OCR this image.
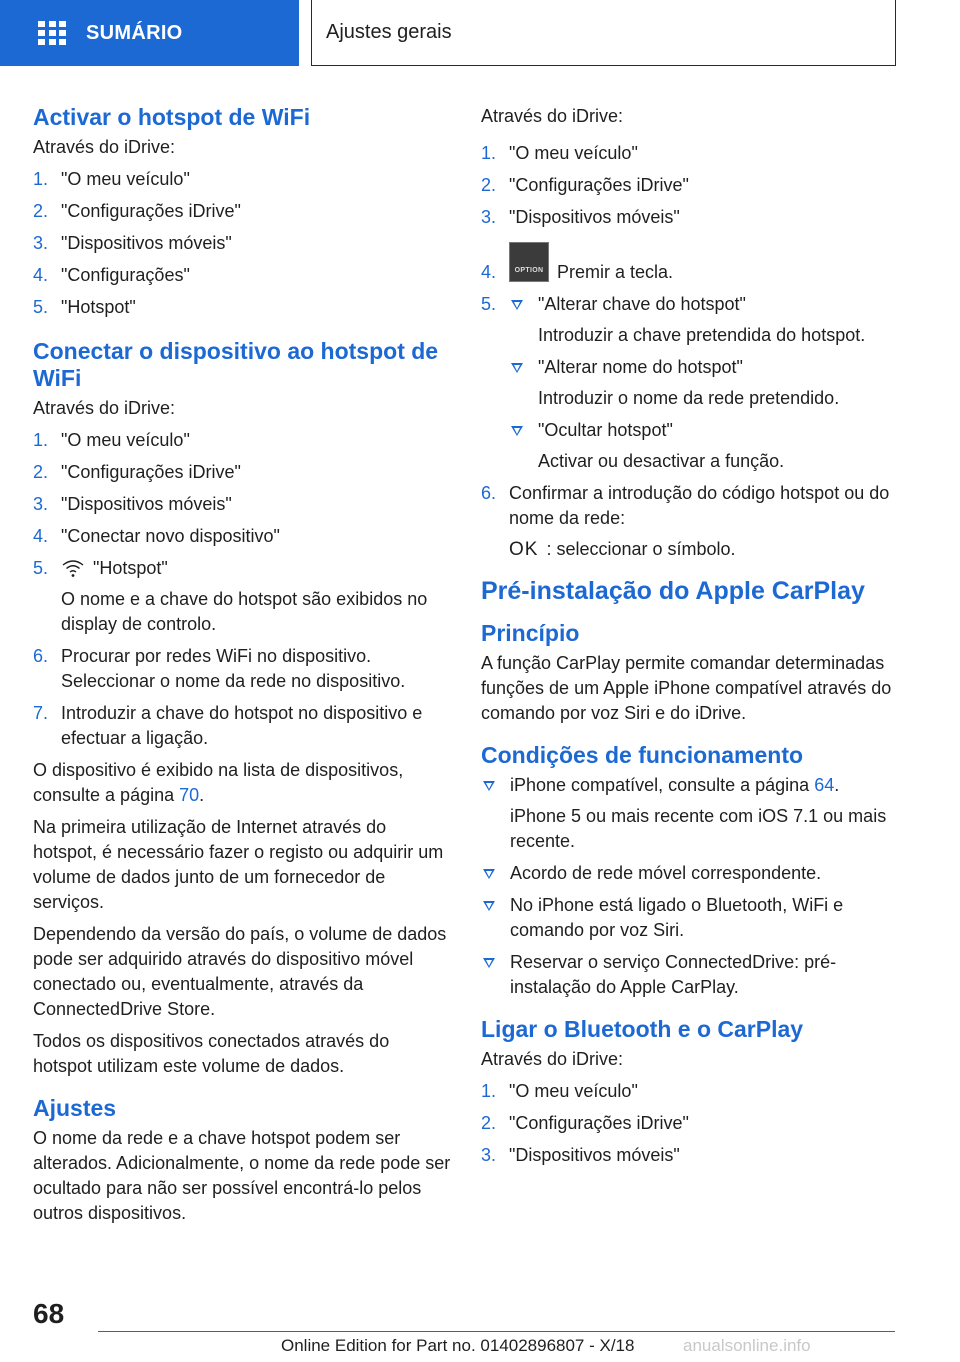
SUMÁRIO	Ajustes gerais
Activar o hotspot de WiFi

Através do iDrive:

1. "O meu veículo"
2. "Configurações iDrive"
3. "Dispositivos móveis"
4. "Configurações"
5. "Hotspot"
Conectar o dispositivo ao hotspot de WiFi

Através do iDrive:

1. "O meu veículo"
2. "Configurações iDrive"
3. "Dispositivos móveis"
4. "Conectar novo dispositivo"
5. "Hotspot"
O nome e a chave do hotspot são exibidos no display de controlo.
6. Procurar por redes WiFi no dispositivo. Seleccionar o nome da rede no dispositivo.
7. Introduzir a chave do hotspot no dispositivo e efectuar a ligação.

O dispositivo é exibido na lista de dispositivos, consulte a página 70.

Na primeira utilização de Internet através do hotspot, é necessário fazer o registo ou adquirir um volume de dados junto de um fornecedor de serviços.

Dependendo da versão do país, o volume de dados pode ser adquirido através do dispositivo móvel conectado ou, eventualmente, através da ConnectedDrive Store.

Todos os dispositivos conectados através do hotspot utilizam este volume de dados.

Ajustes

O nome da rede e a chave hotspot podem ser alterados. Adicionalmente, o nome da rede pode ser ocultado para não ser possível encontrá-lo pelos outros dispositivos.

Através do iDrive:

1. "O meu veículo"
2. "Configurações iDrive"
3. "Dispositivos móveis"
4.	OPTION Premir a tecla.
5.	"Alterar chave do hotspot"
Introduzir a chave pretendida do hotspot.
"Alterar nome do hotspot"
Introduzir o nome da rede pretendido.
"Ocultar hotspot"
Activar ou desactivar a função.
6. Confirmar a introdução do código hotspot ou do nome da rede:
OK : seleccionar o símbolo.
Pré-instalação do Apple CarPlay
Princípio

A função CarPlay permite comandar determinadas funções de um Apple iPhone compatível através do comando por voz Siri e do iDrive.

Condições de funcionamento
iPhone compatível, consulte a página 64.
iPhone 5 ou mais recente com iOS 7.1 ou mais recente.
Acordo de rede móvel correspondente.
No iPhone está ligado o Bluetooth, WiFi e comando por voz Siri.
Reservar o serviço ConnectedDrive: pré-instalação do Apple CarPlay.
Ligar o Bluetooth e o CarPlay

Através do iDrive:

1. "O meu veículo"
2. "Configurações iDrive"
3. "Dispositivos móveis"
68
Online Edition for Part no. 01402896807 - X/18	anualsonline.info
